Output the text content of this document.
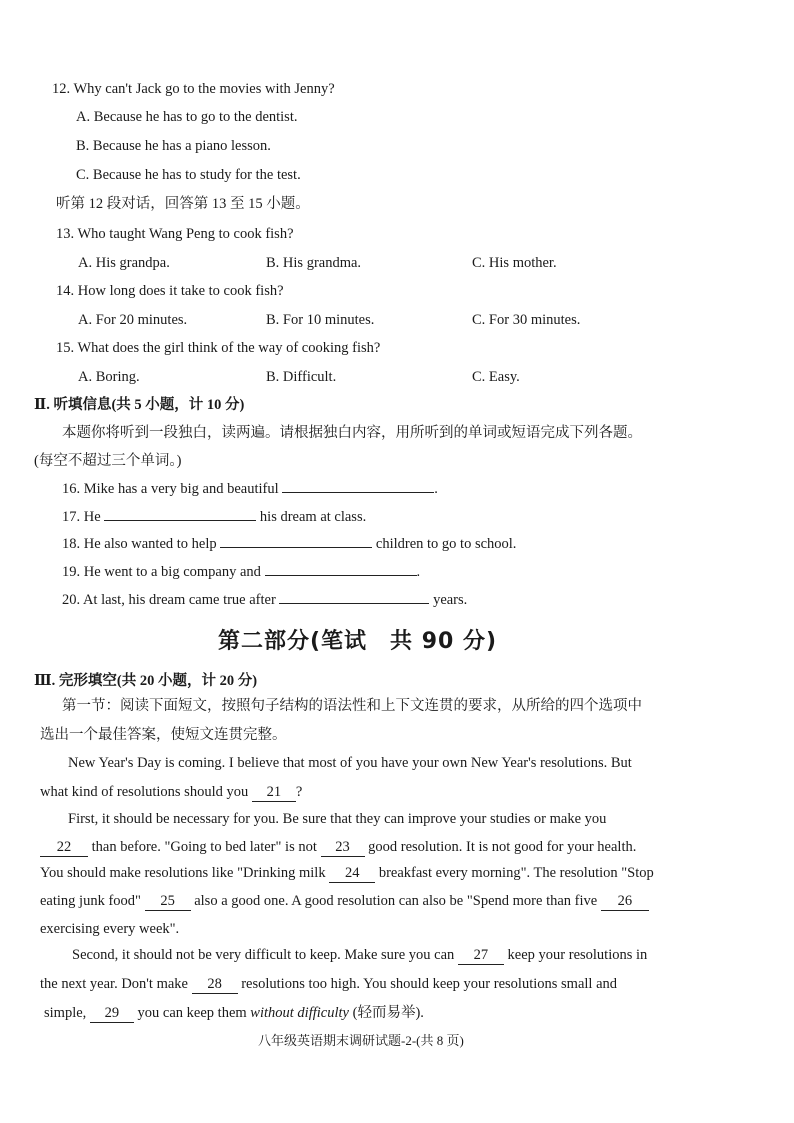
12. Why can't Jack go to the movies with Jenny?
A. Because he has to go to the dentist.
B. Because he has a piano lesson.
C. Because he has to study for the test.
听第 12 段对话，回答第 13 至 15 小题。
13. Who taught Wang Peng to cook fish?
A. His grandpa.	B. His grandma.	C. His mother.
14. How long does it take to cook fish?
A. For 20 minutes.	B. For 10 minutes.	C. For 30 minutes.
15. What does the girl think of the way of cooking fish?
A. Boring.	B. Difficult.	C. Easy.
Ⅱ. 听填信息(共 5 小题，计 10 分)
本题你将听到一段独白，读两遍。请根据独白内容，用所听到的单词或短语完成下列各题。
(每空不超过三个单词。)
16. Mike has a very big and beautiful	.
17. He	his dream at class.
18. He also wanted to help	children to go to school.
19. He went to a big company and	.
20. At last, his dream came true after	years.
第二部分(笔试　共 90 分)
Ⅲ. 完形填空(共 20 小题，计 20 分)
第一节：阅读下面短文，按照句子结构的语法性和上下文连贯的要求，从所给的四个选项中
选出一个最佳答案，使短文连贯完整。
New Year's Day is coming. I believe that most of you have your own New Year's resolutions. But
what kind of resolutions should you 21 ?
First, it should be necessary for you. Be sure that they can improve your studies or make you
22 than before. "Going to bed later" is not 23 good resolution. It is not good for your health.
You should make resolutions like "Drinking milk 24 breakfast every morning". The resolution "Stop
eating junk food" 25 also a good one. A good resolution can also be "Spend more than five 26
exercising every week".
Second, it should not be very difficult to keep. Make sure you can 27 keep your resolutions in
the next year. Don't make 28 resolutions too high. You should keep your resolutions small and
simple, 29 you can keep them without difficulty (轻而易举).
八年级英语期末调研试题-2-(共 8 页)
